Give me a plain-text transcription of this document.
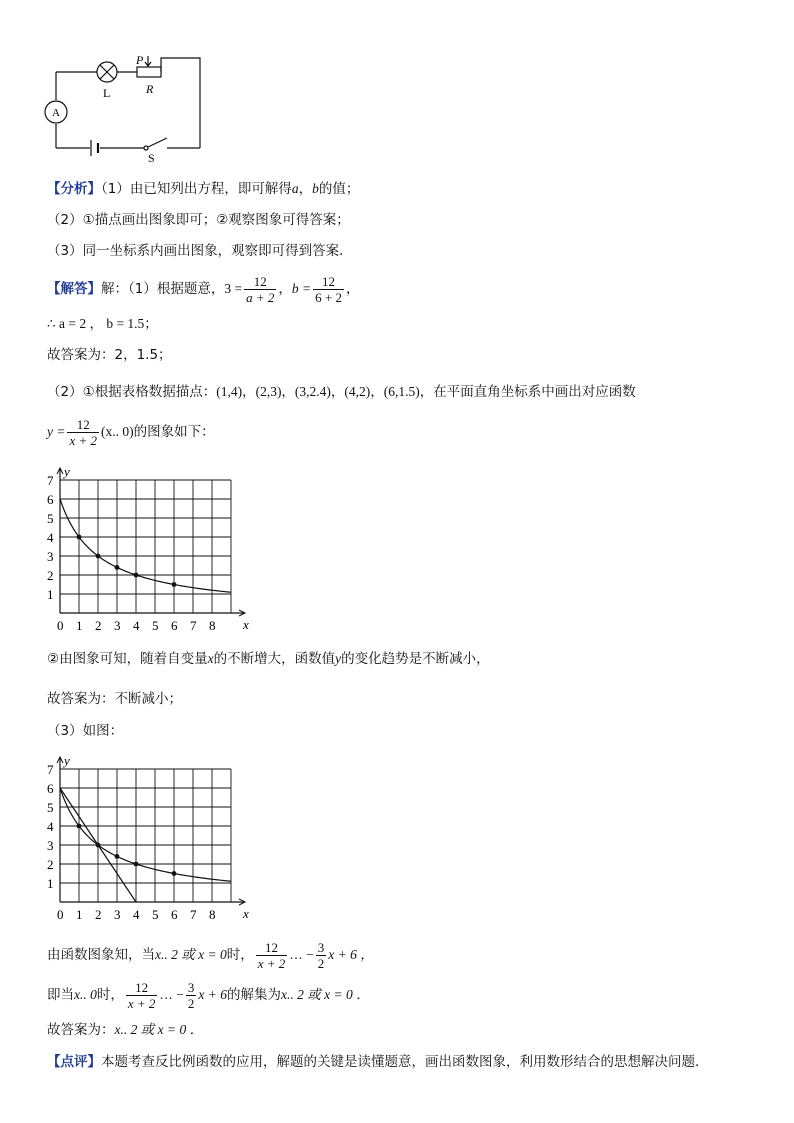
P
R
L
A
S
【分析】（1）由已知列出方程，即可解得a，b的值；
（2）①描点画出图象即可；②观察图象可得答案；
（3）同一坐标系内画出图象，观察即可得到答案．
【解答】 解：（1）根据题意， $3 = \frac{12}{a + 2}$ ， $b = \frac{12}{6 + 2}$ ，
∴ a = 2 ， b = 1.5；
故答案为：2，1.5；
（2）①根据表格数据描点：(1,4)，(2,3)，(3,2.4)，(4,2)，(6,1.5)，在平面直角坐标系中画出对应函数
$y = \frac{12}{x + 2} (x$.. 0) 的图象如下：
0 1 2 3 4 5 6 7 8
1
2
3
4
5
6
7
x
y
②由图象可知，随着自变量x的不断增大，函数值y的变化趋势是不断减小，
故答案为：不断减小；
（3）如图：
0 1 2 3 4 5 6 7 8
1
2
3
4
5
6
7
x
y
由函数图象知，当 x.. 2 或 x = 0 时， $\frac{12}{x + 2}$ … − $\frac{3}{2}$ x + 6 ，
即当 x.. 0 时， $\frac{12}{x + 2}$ … − $\frac{3}{2}$ x + 6 的解集为 x.. 2 或 x = 0 ．
故答案为：x.. 2 或 x = 0 ．
【点评】本题考查反比例函数的应用，解题的关键是读懂题意，画出函数图象，利用数形结合的思想解决问题．
